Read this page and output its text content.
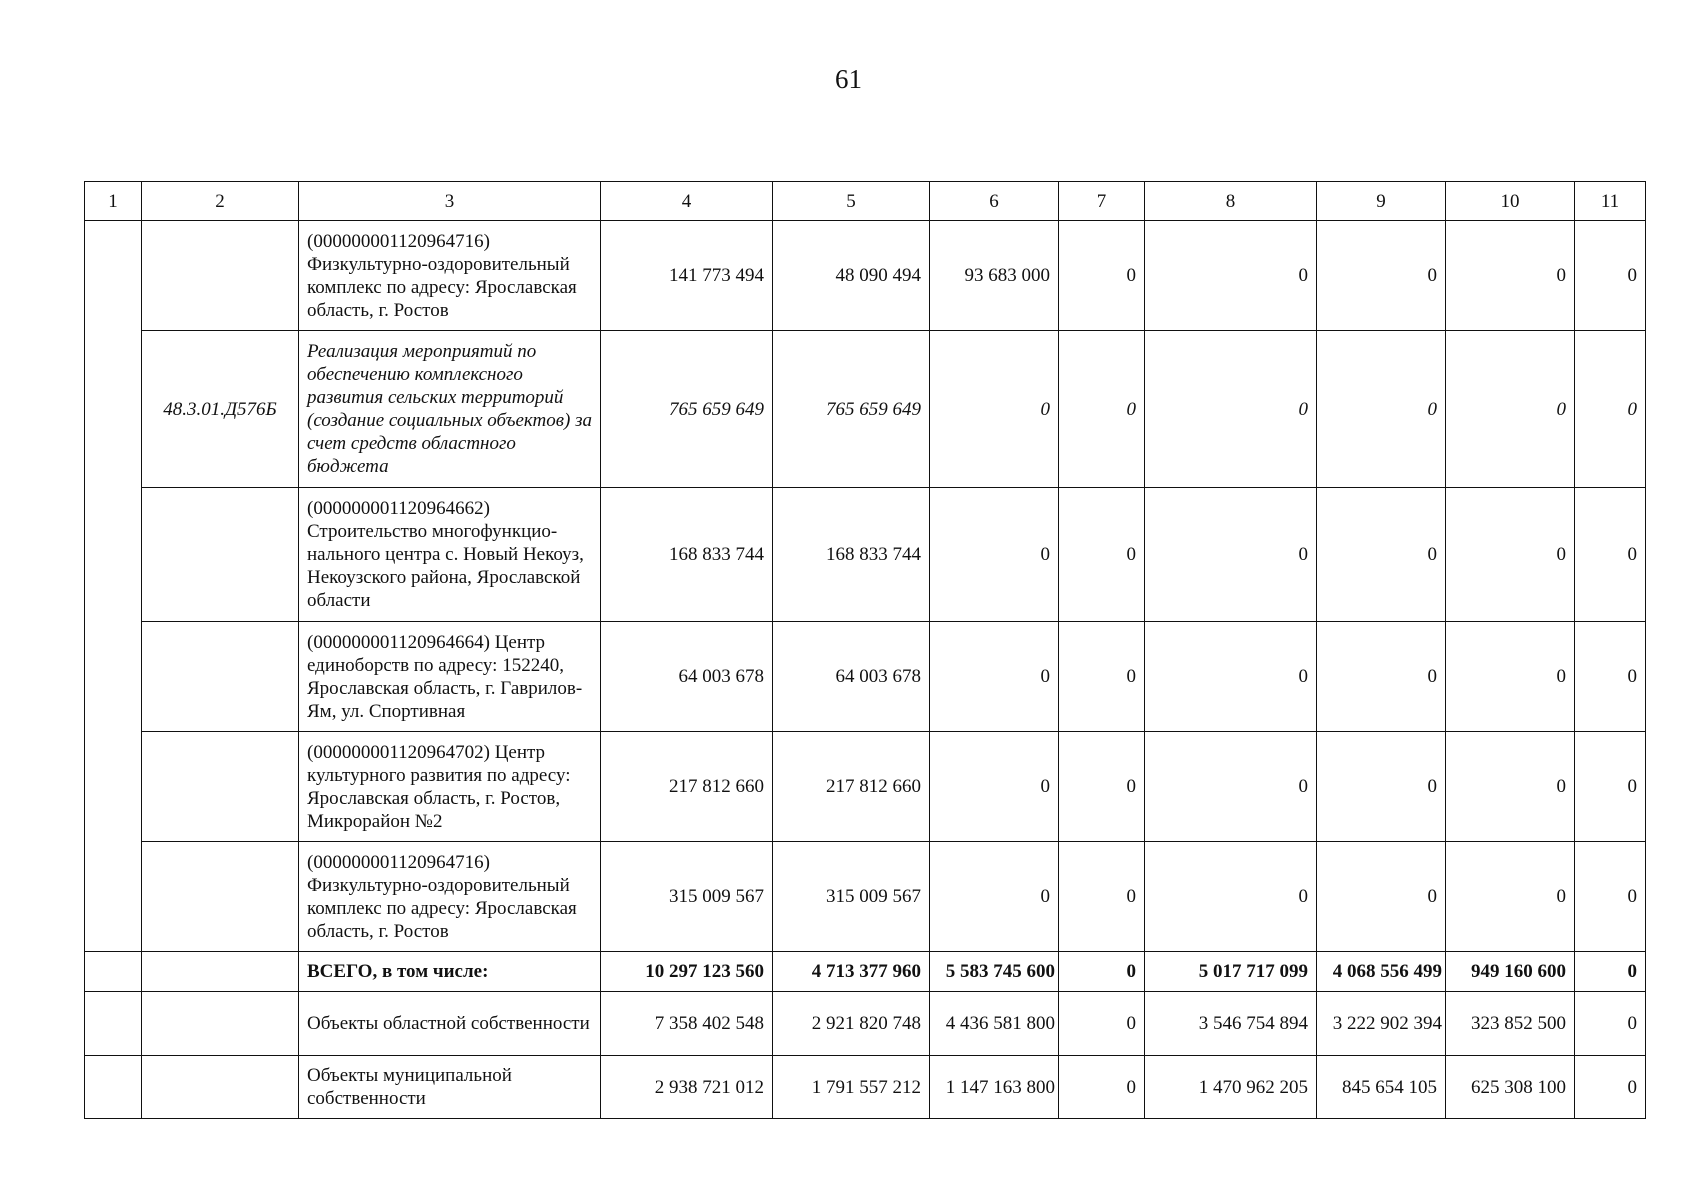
61
1	2	3	4	5	6	7	8	9	10	11
		(000000001120964716) Физкультурно-оздоровительный комплекс по адресу: Ярославская область, г. Ростов	141 773 494	48 090 494	93 683 000	0	0	0	0	0
	48.3.01.Д576Б	Реализация мероприятий по обеспечению комплексного развития сельских территорий (создание социальных объектов) за счет средств областного бюджета	765 659 649	765 659 649	0	0	0	0	0	0
		(000000001120964662) Строительство многофункцио-нального центра с. Новый Некоуз, Некоузского района, Ярославской области	168 833 744	168 833 744	0	0	0	0	0	0
		(000000001120964664) Центр единоборств по адресу: 152240, Ярославская область, г. Гаврилов-Ям, ул. Спортивная	64 003 678	64 003 678	0	0	0	0	0	0
		(000000001120964702) Центр культурного развития по адресу: Ярославская область, г. Ростов, Микрорайон №2	217 812 660	217 812 660	0	0	0	0	0	0
		(000000001120964716) Физкультурно-оздоровительный комплекс по адресу: Ярославская область, г. Ростов	315 009 567	315 009 567	0	0	0	0	0	0
		ВСЕГО, в том числе:	10 297 123 560	4 713 377 960	5 583 745 600	0	5 017 717 099	4 068 556 499	949 160 600	0
		Объекты областной собственности	7 358 402 548	2 921 820 748	4 436 581 800	0	3 546 754 894	3 222 902 394	323 852 500	0
		Объекты муниципальной собственности	2 938 721 012	1 791 557 212	1 147 163 800	0	1 470 962 205	845 654 105	625 308 100	0
